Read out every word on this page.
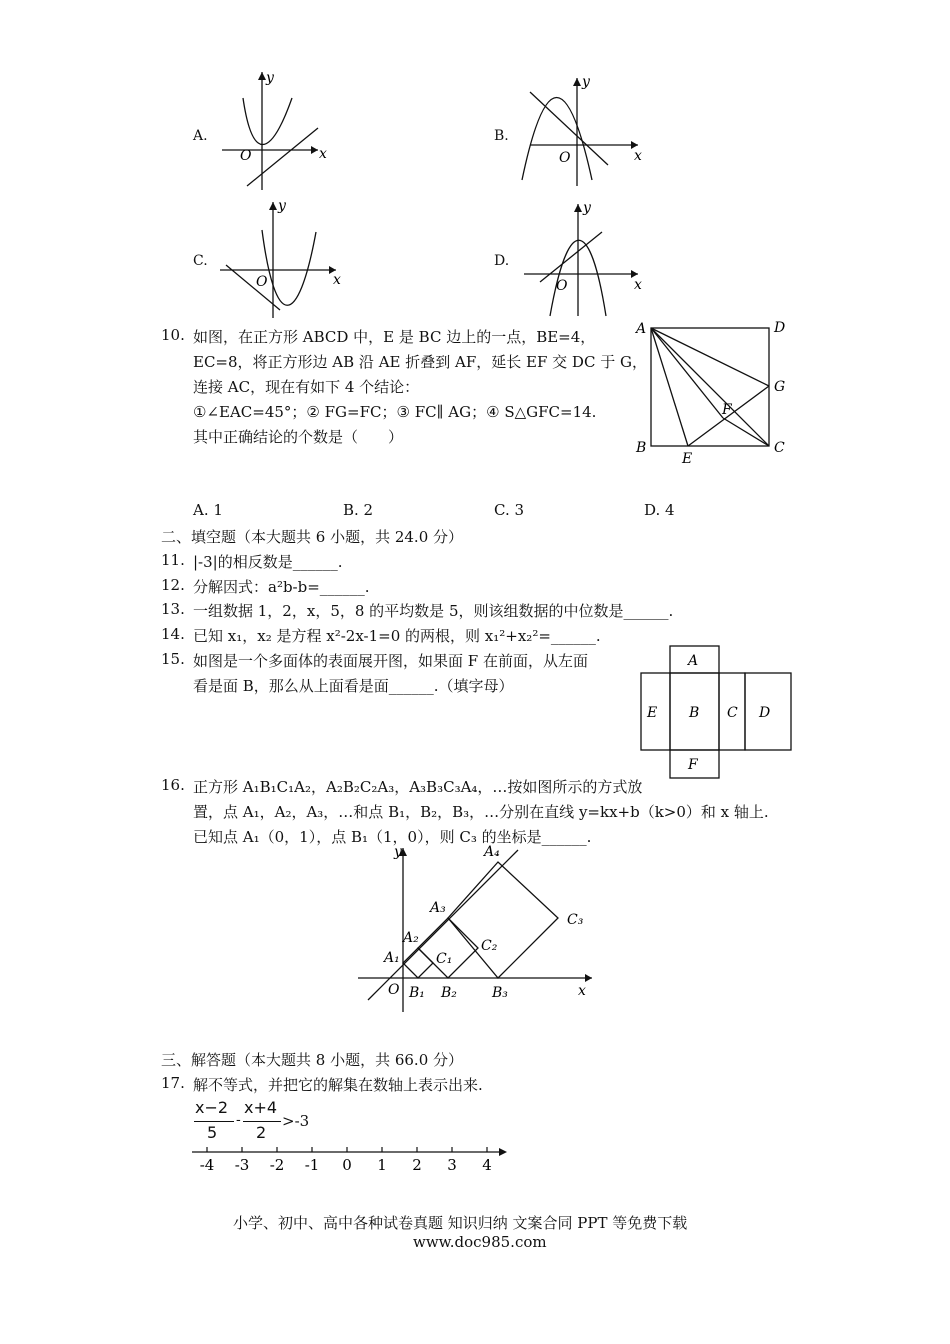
A.
x
y
O
B.
x
y
O
C.
x
y
O
D.
x
y
O
10. 如图，在正方形 ABCD 中，E 是 BC 边上的一点，BE=4，
EC=8，将正方形边 AB 沿 AE 折叠到 AF，延长 EF 交 DC 于 G，
连接 AC，现在有如下 4 个结论：
①∠EAC=45°；② FG=FC；③ FC∥ AG；④ S△GFC=14.
其中正确结论的个数是（　　）
A	D
G
F
B
E
C
A. 1	B. 2	C. 3	D. 4
二、填空题（本大题共 6 小题，共 24.0 分）
11. |-3|的相反数是______.
12. 分解因式：a²b-b=______.
13. 一组数据 1，2，x，5，8 的平均数是 5，则该组数据的中位数是______.
14. 已知 x₁，x₂ 是方程 x²-2x-1=0 的两根，则 x₁²+x₂²=______.
15. 如图是一个多面体的表面展开图，如果面 F 在前面，从左面
看是面 B，那么从上面看是面______.（填字母）
A
E B C D
F
16. 正方形 A₁B₁C₁A₂，A₂B₂C₂A₃，A₃B₃C₃A₄，…按如图所示的方式放
置，点 A₁，A₂，A₃，…和点 B₁，B₂，B₃，…分别在直线 y=kx+b（k>0）和 x 轴上.
已知点 A₁（0，1），点 B₁（1，0），则 C₃ 的坐标是______.
y
x
O
A₁
A₂
A₃
A₄
B₁ B₂	B₃
C₁
C₂
C₃
三、解答题（本大题共 8 小题，共 66.0 分）
17. 解不等式，并把它的解集在数轴上表示出来.
x−2
5
-
x+4
2
>-3
-4 -3 -2 -1 0 1 2 3 4
小学、初中、高中各种试卷真题 知识归纳 文案合同 PPT 等免费下载
www.doc985.com
